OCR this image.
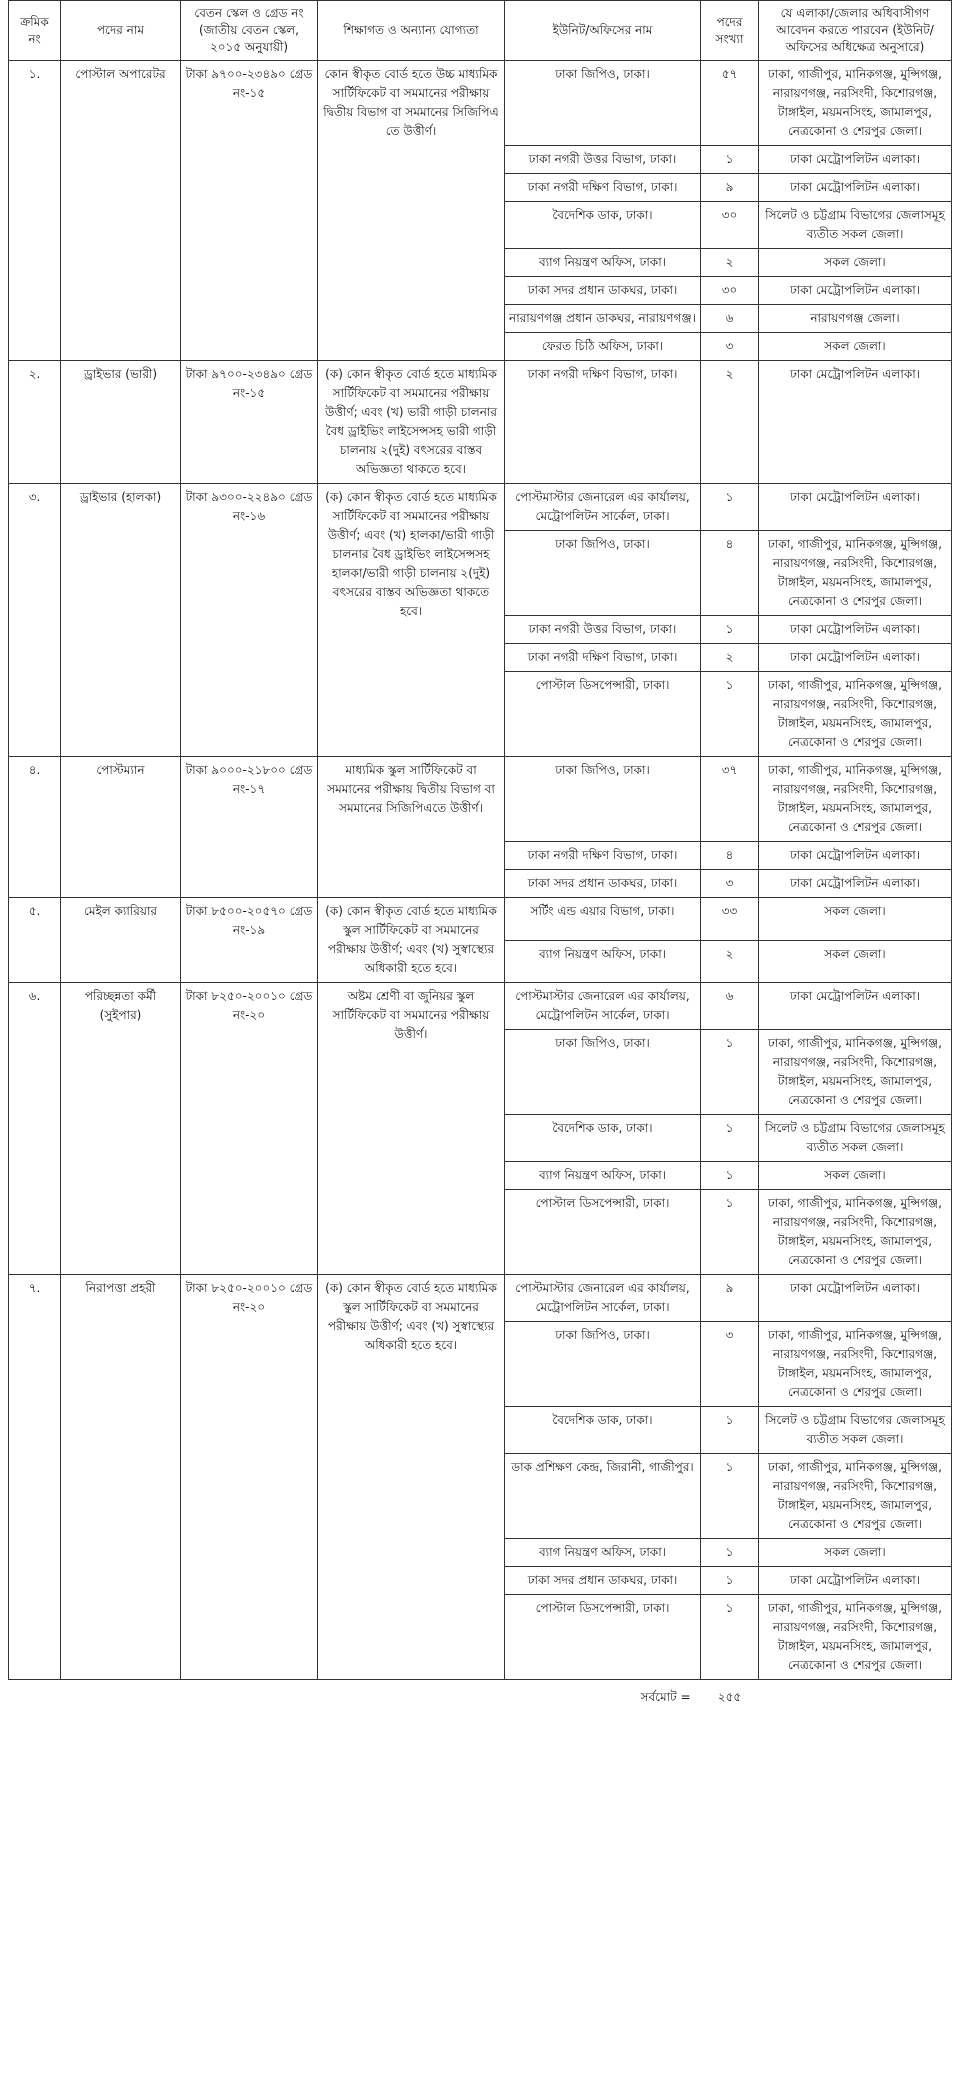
ক্রমিক নং	পদের নাম	বেতন স্কেল ও গ্রেড নং (জাতীয় বেতন স্কেল, ২০১৫ অনুযায়ী)	শিক্ষাগত ও অন্যান্য যোগ্যতা	ইউনিট/অফিসের নাম	পদের সংখ্যা	যে এলাকা/জেলার অধিবাসীগণ আবেদন করতে পারবেন (ইউনিট/অফিসের অধিক্ষেত্র অনুসারে)
১.	পোস্টাল অপারেটর	টাকা ৯৭০০-২৩৪৯০ গ্রেড নং-১৫	কোন স্বীকৃত বোর্ড হতে উচ্চ মাধ্যমিক সার্টিফিকেট বা সমমানের পরীক্ষায় দ্বিতীয় বিভাগ বা সমমানের সিজিপিএ তে উত্তীর্ণ।	ঢাকা জিপিও, ঢাকা।	৫৭	ঢাকা, গাজীপুর, মানিকগঞ্জ, মুন্সিগঞ্জ, নারায়ণগঞ্জ, নরসিংদী, কিশোরগঞ্জ, টাঙ্গাইল, ময়মনসিংহ, জামালপুর, নেত্রকোনা ও শেরপুর জেলা।
				ঢাকা নগরী উত্তর বিভাগ, ঢাকা।	১	ঢাকা মেট্রোপলিটন এলাকা।
				ঢাকা নগরী দক্ষিণ বিভাগ, ঢাকা।	৯	ঢাকা মেট্রোপলিটন এলাকা।
				বৈদেশিক ডাক, ঢাকা।	৩০	সিলেট ও চট্টগ্রাম বিভাগের জেলাসমূহ ব্যতীত সকল জেলা।
				ব্যাগ নিয়ন্ত্রণ অফিস, ঢাকা।	২	সকল জেলা।
				ঢাকা সদর প্রধান ডাকঘর, ঢাকা।	৩০	ঢাকা মেট্রোপলিটন এলাকা।
				নারায়ণগঞ্জ প্রধান ডাকঘর, নারায়ণগঞ্জ।	৬	নারায়ণগঞ্জ জেলা।
				ফেরত চিঠি অফিস, ঢাকা।	৩	সকল জেলা।
২.	ড্রাইভার (ভারী)	টাকা ৯৭০০-২৩৪৯০ গ্রেড নং-১৫	(ক) কোন স্বীকৃত বোর্ড হতে মাধ্যমিক সার্টিফিকেট বা সমমানের পরীক্ষায় উত্তীর্ণ; এবং (খ) ভারী গাড়ী চালনার বৈধ ড্রাইভিং লাইসেন্সসহ ভারী গাড়ী চালনায় ২(দুই) বৎসরের বাস্তব অভিজ্ঞতা থাকতে হবে।	ঢাকা নগরী দক্ষিণ বিভাগ, ঢাকা।	২	ঢাকা মেট্রোপলিটন এলাকা।
৩.	ড্রাইভার (হালকা)	টাকা ৯৩০০-২২৪৯০ গ্রেড নং-১৬	(ক) কোন স্বীকৃত বোর্ড হতে মাধ্যমিক সার্টিফিকেট বা সমমানের পরীক্ষায় উত্তীর্ণ; এবং (খ) হালকা/ভারী গাড়ী চালনার বৈধ ড্রাইভিং লাইসেন্সসহ হালকা/ভারী গাড়ী চালনায় ২(দুই) বৎসরের বাস্তব অভিজ্ঞতা থাকতে হবে।	পোস্টমাস্টার জেনারেল এর কার্যালয়, মেট্রোপলিটন সার্কেল, ঢাকা।	১	ঢাকা মেট্রোপলিটন এলাকা।
				ঢাকা জিপিও, ঢাকা।	৪	ঢাকা, গাজীপুর, মানিকগঞ্জ, মুন্সিগঞ্জ, নারায়ণগঞ্জ, নরসিংদী, কিশোরগঞ্জ, টাঙ্গাইল, ময়মনসিংহ, জামালপুর, নেত্রকোনা ও শেরপুর জেলা।
				ঢাকা নগরী উত্তর বিভাগ, ঢাকা।	১	ঢাকা মেট্রোপলিটন এলাকা।
				ঢাকা নগরী দক্ষিণ বিভাগ, ঢাকা।	২	ঢাকা মেট্রোপলিটন এলাকা।
				পোস্টাল ডিসপেন্সারী, ঢাকা।	১	ঢাকা, গাজীপুর, মানিকগঞ্জ, মুন্সিগঞ্জ, নারায়ণগঞ্জ, নরসিংদী, কিশোরগঞ্জ, টাঙ্গাইল, ময়মনসিংহ, জামালপুর, নেত্রকোনা ও শেরপুর জেলা।
৪.	পোস্টম্যান	টাকা ৯০০০-২১৮০০ গ্রেড নং-১৭	মাধ্যমিক স্কুল সার্টিফিকেট বা সমমানের পরীক্ষায় দ্বিতীয় বিভাগ বা সমমানের সিজিপিএতে উত্তীর্ণ।	ঢাকা জিপিও, ঢাকা।	৩৭	ঢাকা, গাজীপুর, মানিকগঞ্জ, মুন্সিগঞ্জ, নারায়ণগঞ্জ, নরসিংদী, কিশোরগঞ্জ, টাঙ্গাইল, ময়মনসিংহ, জামালপুর, নেত্রকোনা ও শেরপুর জেলা।
				ঢাকা নগরী দক্ষিণ বিভাগ, ঢাকা।	৪	ঢাকা মেট্রোপলিটন এলাকা।
				ঢাকা সদর প্রধান ডাকঘর, ঢাকা।	৩	ঢাকা মেট্রোপলিটন এলাকা।
৫.	মেইল ক্যারিয়ার	টাকা ৮৫০০-২০৫৭০ গ্রেড নং-১৯	(ক) কোন স্বীকৃত বোর্ড হতে মাধ্যমিক স্কুল সার্টিফিকেট বা সমমানের পরীক্ষায় উত্তীর্ণ; এবং (খ) সুস্বাস্থ্যের অধিকারী হতে হবে।	সর্টিং এন্ড এয়ার বিভাগ, ঢাকা।	৩৩	সকল জেলা।
				ব্যাগ নিয়ন্ত্রণ অফিস, ঢাকা।	২	সকল জেলা।
৬.	পরিচ্ছন্নতা কর্মী (সুইপার)	টাকা ৮২৫০-২০০১০ গ্রেড নং-২০	অষ্টম শ্রেণী বা জুনিয়র স্কুল সার্টিফিকেট বা সমমানের পরীক্ষায় উত্তীর্ণ।	পোস্টমাস্টার জেনারেল এর কার্যালয়, মেট্রোপলিটন সার্কেল, ঢাকা।	৬	ঢাকা মেট্রোপলিটন এলাকা।
				ঢাকা জিপিও, ঢাকা।	১	ঢাকা, গাজীপুর, মানিকগঞ্জ, মুন্সিগঞ্জ, নারায়ণগঞ্জ, নরসিংদী, কিশোরগঞ্জ, টাঙ্গাইল, ময়মনসিংহ, জামালপুর, নেত্রকোনা ও শেরপুর জেলা।
				বৈদেশিক ডাক, ঢাকা।	১	সিলেট ও চট্টগ্রাম বিভাগের জেলাসমূহ ব্যতীত সকল জেলা।
				ব্যাগ নিয়ন্ত্রণ অফিস, ঢাকা।	১	সকল জেলা।
				পোস্টাল ডিসপেন্সারী, ঢাকা।	১	ঢাকা, গাজীপুর, মানিকগঞ্জ, মুন্সিগঞ্জ, নারায়ণগঞ্জ, নরসিংদী, কিশোরগঞ্জ, টাঙ্গাইল, ময়মনসিংহ, জামালপুর, নেত্রকোনা ও শেরপুর জেলা।
৭.	নিরাপত্তা প্রহরী	টাকা ৮২৫০-২০০১০ গ্রেড নং-২০	(ক) কোন স্বীকৃত বোর্ড হতে মাধ্যমিক স্কুল সার্টিফিকেট বা সমমানের পরীক্ষায় উত্তীর্ণ; এবং (খ) সুস্বাস্থ্যের অধিকারী হতে হবে।	পোস্টমাস্টার জেনারেল এর কার্যালয়, মেট্রোপলিটন সার্কেল, ঢাকা।	৯	ঢাকা মেট্রোপলিটন এলাকা।
				ঢাকা জিপিও, ঢাকা।	৩	ঢাকা, গাজীপুর, মানিকগঞ্জ, মুন্সিগঞ্জ, নারায়ণগঞ্জ, নরসিংদী, কিশোরগঞ্জ, টাঙ্গাইল, ময়মনসিংহ, জামালপুর, নেত্রকোনা ও শেরপুর জেলা।
				বৈদেশিক ডাক, ঢাকা।	১	সিলেট ও চট্টগ্রাম বিভাগের জেলাসমূহ ব্যতীত সকল জেলা।
				ডাক প্রশিক্ষণ কেন্দ্র, জিরানী, গাজীপুর।	১	ঢাকা, গাজীপুর, মানিকগঞ্জ, মুন্সিগঞ্জ, নারায়ণগঞ্জ, নরসিংদী, কিশোরগঞ্জ, টাঙ্গাইল, ময়মনসিংহ, জামালপুর, নেত্রকোনা ও শেরপুর জেলা।
				ব্যাগ নিয়ন্ত্রণ অফিস, ঢাকা।	১	সকল জেলা।
				ঢাকা সদর প্রধান ডাকঘর, ঢাকা।	১	ঢাকা মেট্রোপলিটন এলাকা।
				পোস্টাল ডিসপেন্সারী, ঢাকা।	১	ঢাকা, গাজীপুর, মানিকগঞ্জ, মুন্সিগঞ্জ, নারায়ণগঞ্জ, নরসিংদী, কিশোরগঞ্জ, টাঙ্গাইল, ময়মনসিংহ, জামালপুর, নেত্রকোনা ও শেরপুর জেলা।
সর্বমোট =					২৫৫	
